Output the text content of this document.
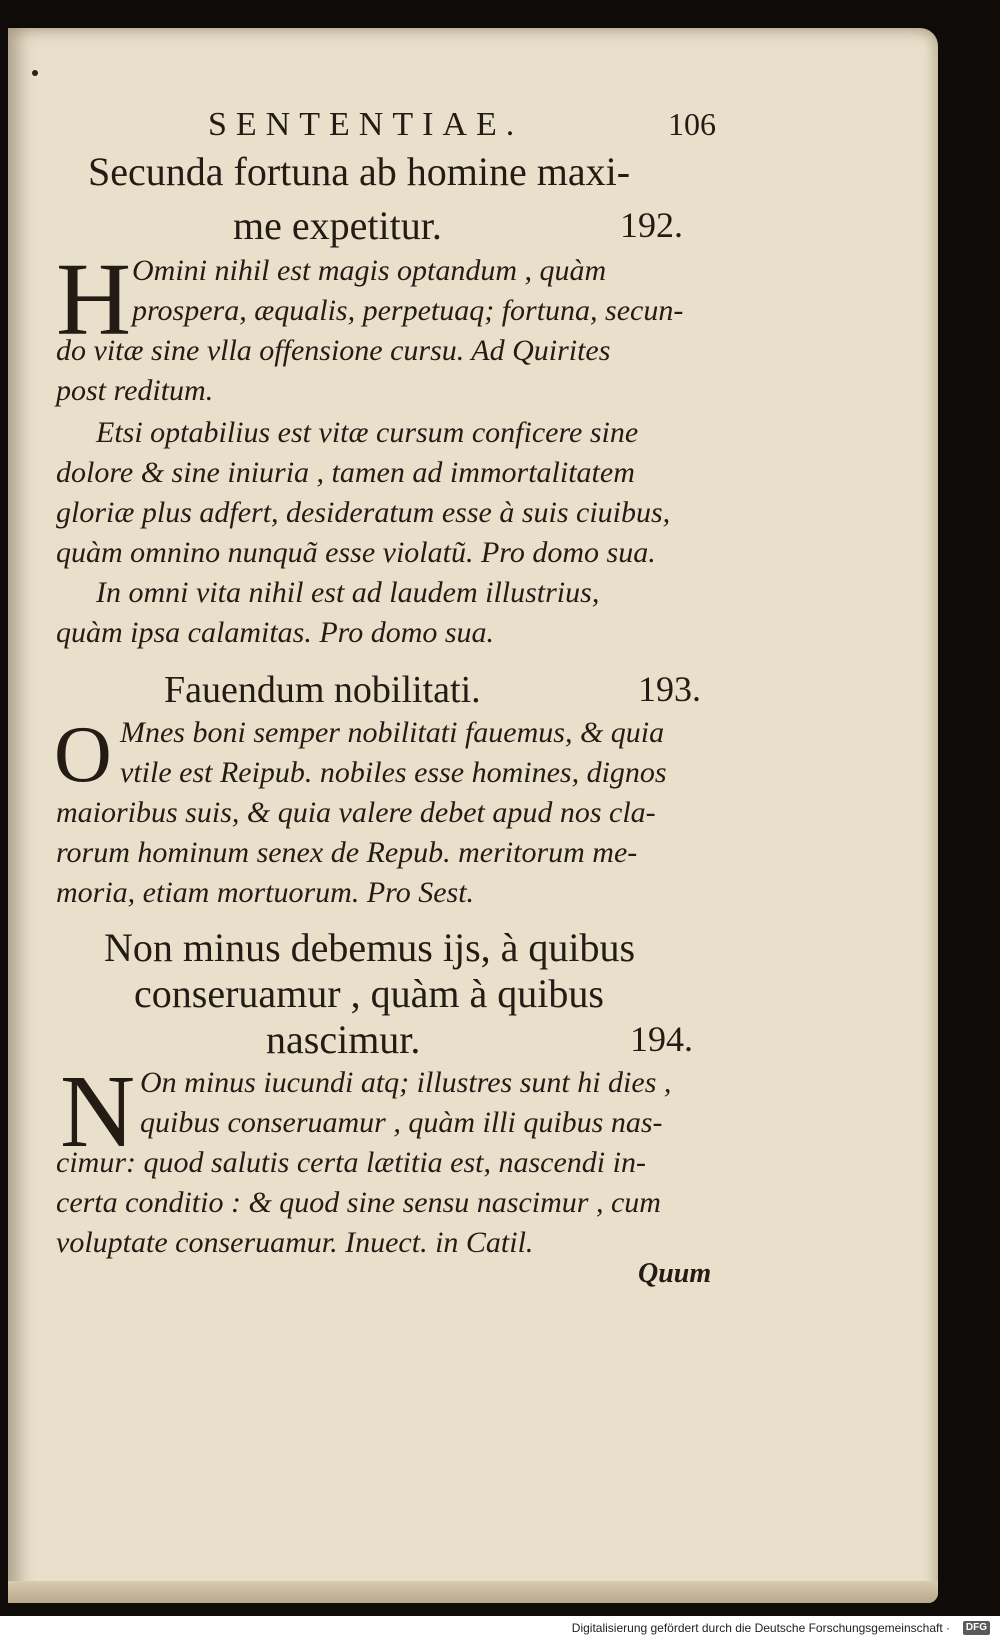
SENTENTIAE.	106
Secunda fortuna ab homine maxi-
me expetitur.	192.
H Omini nihil est magis optandum , quàm
prospera, æqualis, perpetuaq; fortuna, secun-
do vitæ sine vlla offensione cursu. Ad Quirites
post reditum.
Etsi optabilius est vitæ cursum conficere sine
dolore & sine iniuria , tamen ad immortalitatem
gloriæ plus adfert, desideratum esse à suis ciuibus,
quàm omnino nunquã esse violatũ. Pro domo sua.
In omni vita nihil est ad laudem illustrius,
quàm ipsa calamitas. Pro domo sua.
Fauendum nobilitati.	193.
O Mnes boni semper nobilitati fauemus, & quia
vtile est Reipub. nobiles esse homines, dignos
maioribus suis, & quia valere debet apud nos cla-
rorum hominum senex de Repub. meritorum me-
moria, etiam mortuorum. Pro Sest.
Non minus debemus ijs, à quibus
conseruamur , quàm à quibus
nascimur.	194.
N On minus iucundi atq; illustres sunt hi dies ,
quibus conseruamur , quàm illi quibus nas-
cimur: quod salutis certa lætitia est, nascendi in-
certa conditio : & quod sine sensu nascimur , cum
voluptate conseruamur. Inuect. in Catil.
Quum
Digitalisierung gefördert durch die Deutsche Forschungsgemeinschaft ·	DFG
